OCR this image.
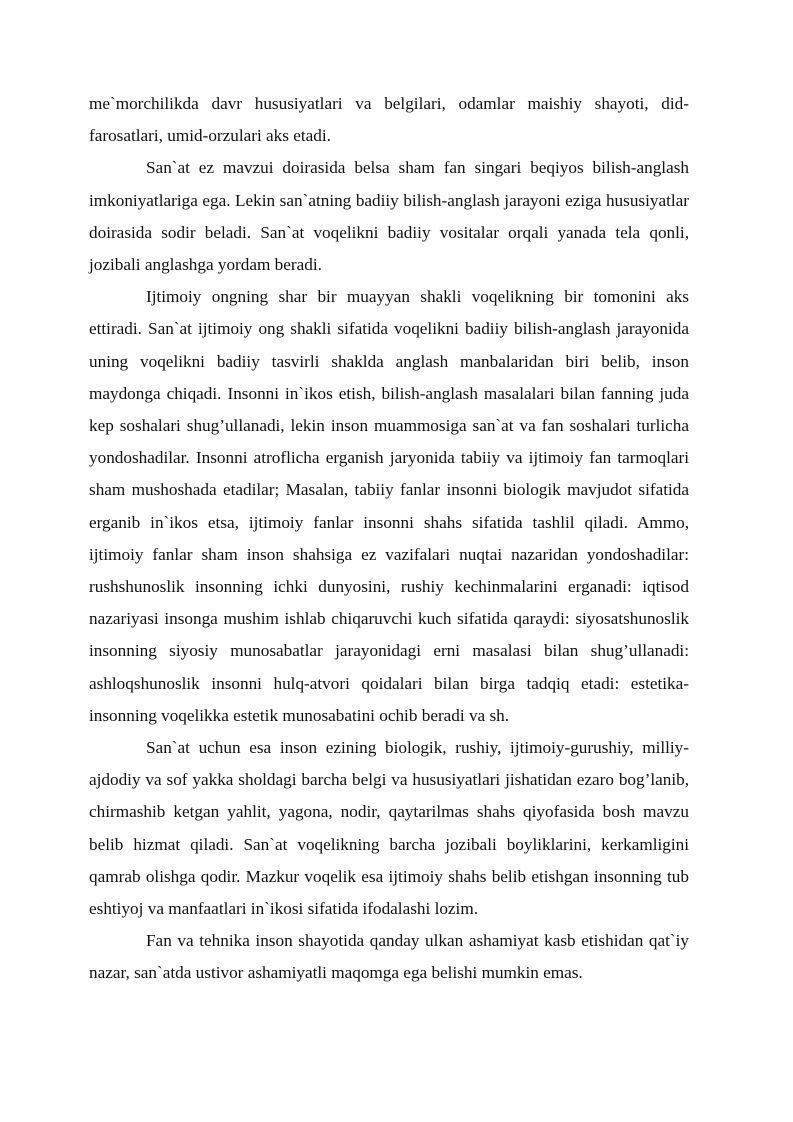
me`morchilikda davr hususiyatlari va belgilari, odamlar maishiy shayoti, did-farosatlari, umid-orzulari aks etadi.

San`at ez mavzui doirasida belsa sham fan singari beqiyos bilish-anglash imkoniyatlariga ega. Lekin san`atning badiiy bilish-anglash jarayoni eziga hususiyatlar doirasida sodir beladi. San`at voqelikni badiiy vositalar orqali yanada tela qonli, jozibali anglashga yordam beradi.

Ijtimoiy ongning shar bir muayyan shakli voqelikning bir tomonini aks ettiradi. San`at ijtimoiy ong shakli sifatida voqelikni badiiy bilish-anglash jarayonida uning voqelikni badiiy tasvirli shaklda anglash manbalaridan biri belib, inson maydonga chiqadi. Insonni in`ikos etish, bilish-anglash masalalari bilan fanning juda kep soshalari shug’ullanadi, lekin inson muammosiga san`at va fan soshalari turlicha yondoshadilar. Insonni atroflicha erganish jaryonida tabiiy va ijtimoiy fan tarmoqlari sham mushoshada etadilar; Masalan, tabiiy fanlar insonni biologik mavjudot sifatida erganib in`ikos etsa, ijtimoiy fanlar insonni shahs sifatida tashlil qiladi. Ammo, ijtimoiy fanlar sham inson shahsiga ez vazifalari nuqtai nazaridan yondoshadilar: rushshunoslik insonning ichki dunyosini, rushiy kechinmalarini erganadi: iqtisod nazariyasi insonga mushim ishlab chiqaruvchi kuch sifatida qaraydi: siyosatshunoslik insonning siyosiy munosabatlar jarayonidagi erni masalasi bilan shug’ullanadi: ashloqshunoslik insonni hulq-atvori qoidalari bilan birga tadqiq etadi: estetika-insonning voqelikka estetik munosabatini ochib beradi va sh.

San`at uchun esa inson ezining biologik, rushiy, ijtimoiy-gurushiy, milliy-ajdodiy va sof yakka sholdagi barcha belgi va hususiyatlari jishatidan ezaro bog’lanib, chirmashib ketgan yahlit, yagona, nodir, qaytarilmas shahs qiyofasida bosh mavzu belib hizmat qiladi. San`at voqelikning barcha jozibali boyliklarini, kerkamligini qamrab olishga qodir. Mazkur voqelik esa ijtimoiy shahs belib etishgan insonning tub eshtiyoj va manfaatlari in`ikosi sifatida ifodalashi lozim.

Fan va tehnika inson shayotida qanday ulkan ashamiyat kasb etishidan qat`iy nazar, san`atda ustivor ashamiyatli maqomga ega belishi mumkin emas.
